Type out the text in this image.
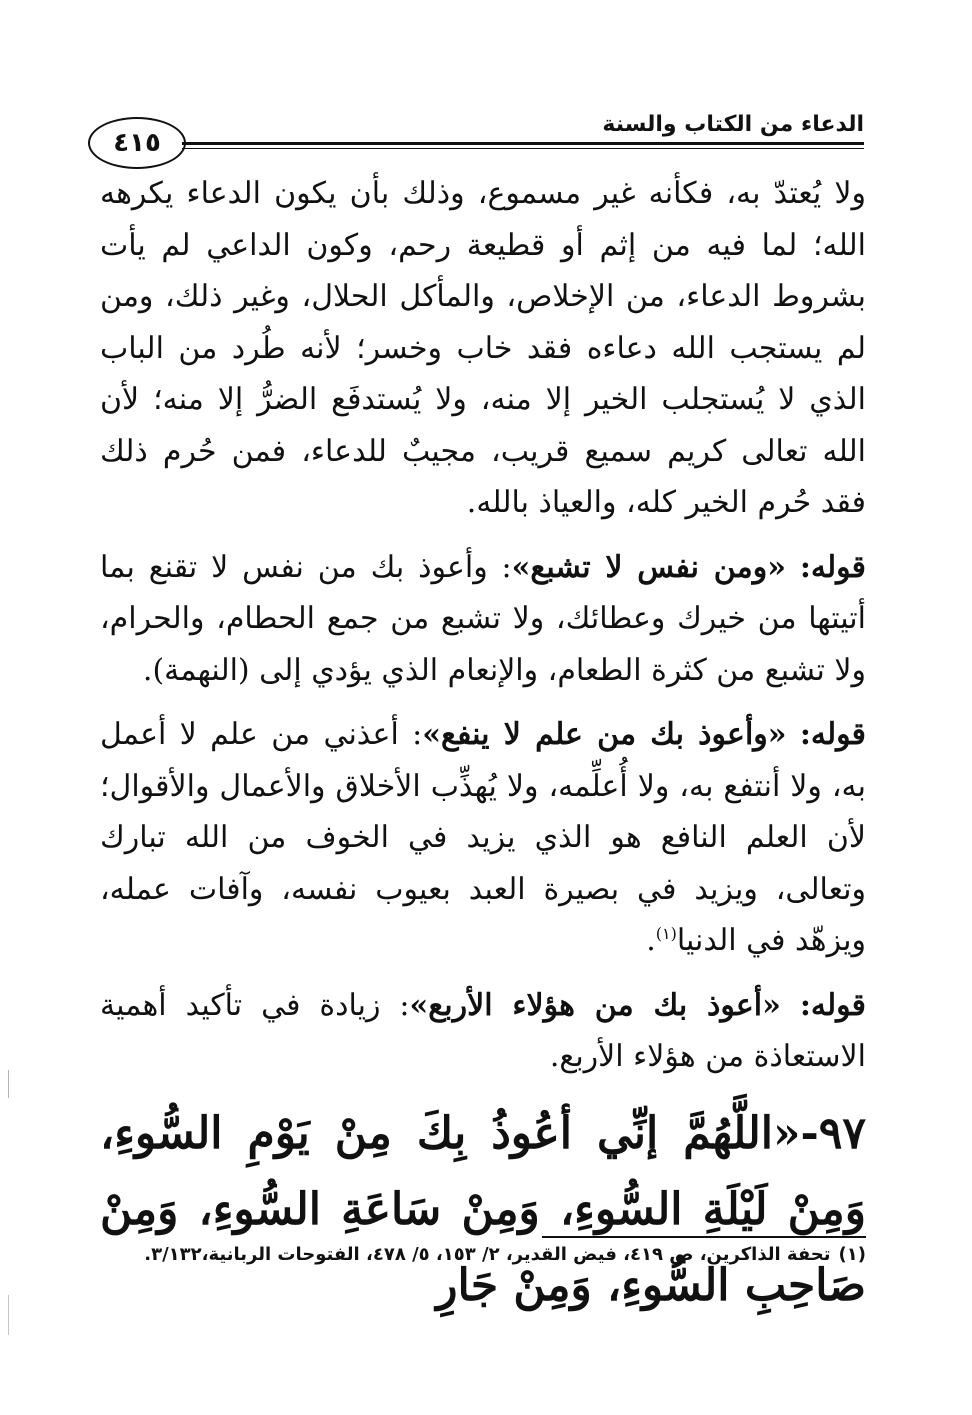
الدعاء من الكتاب والسنة
٤١٥

ولا يُعتدّ به، فكأنه غير مسموع، وذلك بأن يكون الدعاء يكرهه الله؛ لما فيه من إثم أو قطيعة رحم، وكون الداعي لم يأت بشروط الدعاء، من الإخلاص، والمأكل الحلال، وغير ذلك، ومن لم يستجب الله دعاءه فقد خاب وخسر؛ لأنه طُرد من الباب الذي لا يُستجلب الخير إلا منه، ولا يُستدفَع الضرُّ إلا منه؛ لأن الله تعالى كريم سميع قريب، مجيبٌ للدعاء، فمن حُرم ذلك فقد حُرم الخير كله، والعياذ بالله.

قوله: «ومن نفس لا تشبع»: وأعوذ بك من نفس لا تقنع بما أتيتها من خيرك وعطائك، ولا تشبع من جمع الحطام، والحرام، ولا تشبع من كثرة الطعام، والإنعام الذي يؤدي إلى (النهمة).

قوله: «وأعوذ بك من علم لا ينفع»: أعذني من علم لا أعمل به، ولا أنتفع به، ولا أُعلِّمه، ولا يُهذِّب الأخلاق والأعمال والأقوال؛ لأن العلم النافع هو الذي يزيد في الخوف من الله تبارك وتعالى، ويزيد في بصيرة العبد بعيوب نفسه، وآفات عمله، ويزهّد في الدنيا$^{(١)}$.

قوله: «أعوذ بك من هؤلاء الأربع»: زيادة في تأكيد أهمية الاستعاذة من هؤلاء الأربع.

٩٧-«اللَّهُمَّ إنِّي أعُوذُ بِكَ مِنْ يَوْمِ السُّوءِ، وَمِنْ لَيْلَةِ السُّوءِ، وَمِنْ سَاعَةِ السُّوءِ، وَمِنْ صَاحِبِ السُّوءِ، وَمِنْ جَارِ

(١)تحفة الذاكرين، ص ٤١٩، فيض القدير، ٢/ ١٥٣، ٥/ ٤٧٨، الفتوحات الربانية،٣/١٣٢.
